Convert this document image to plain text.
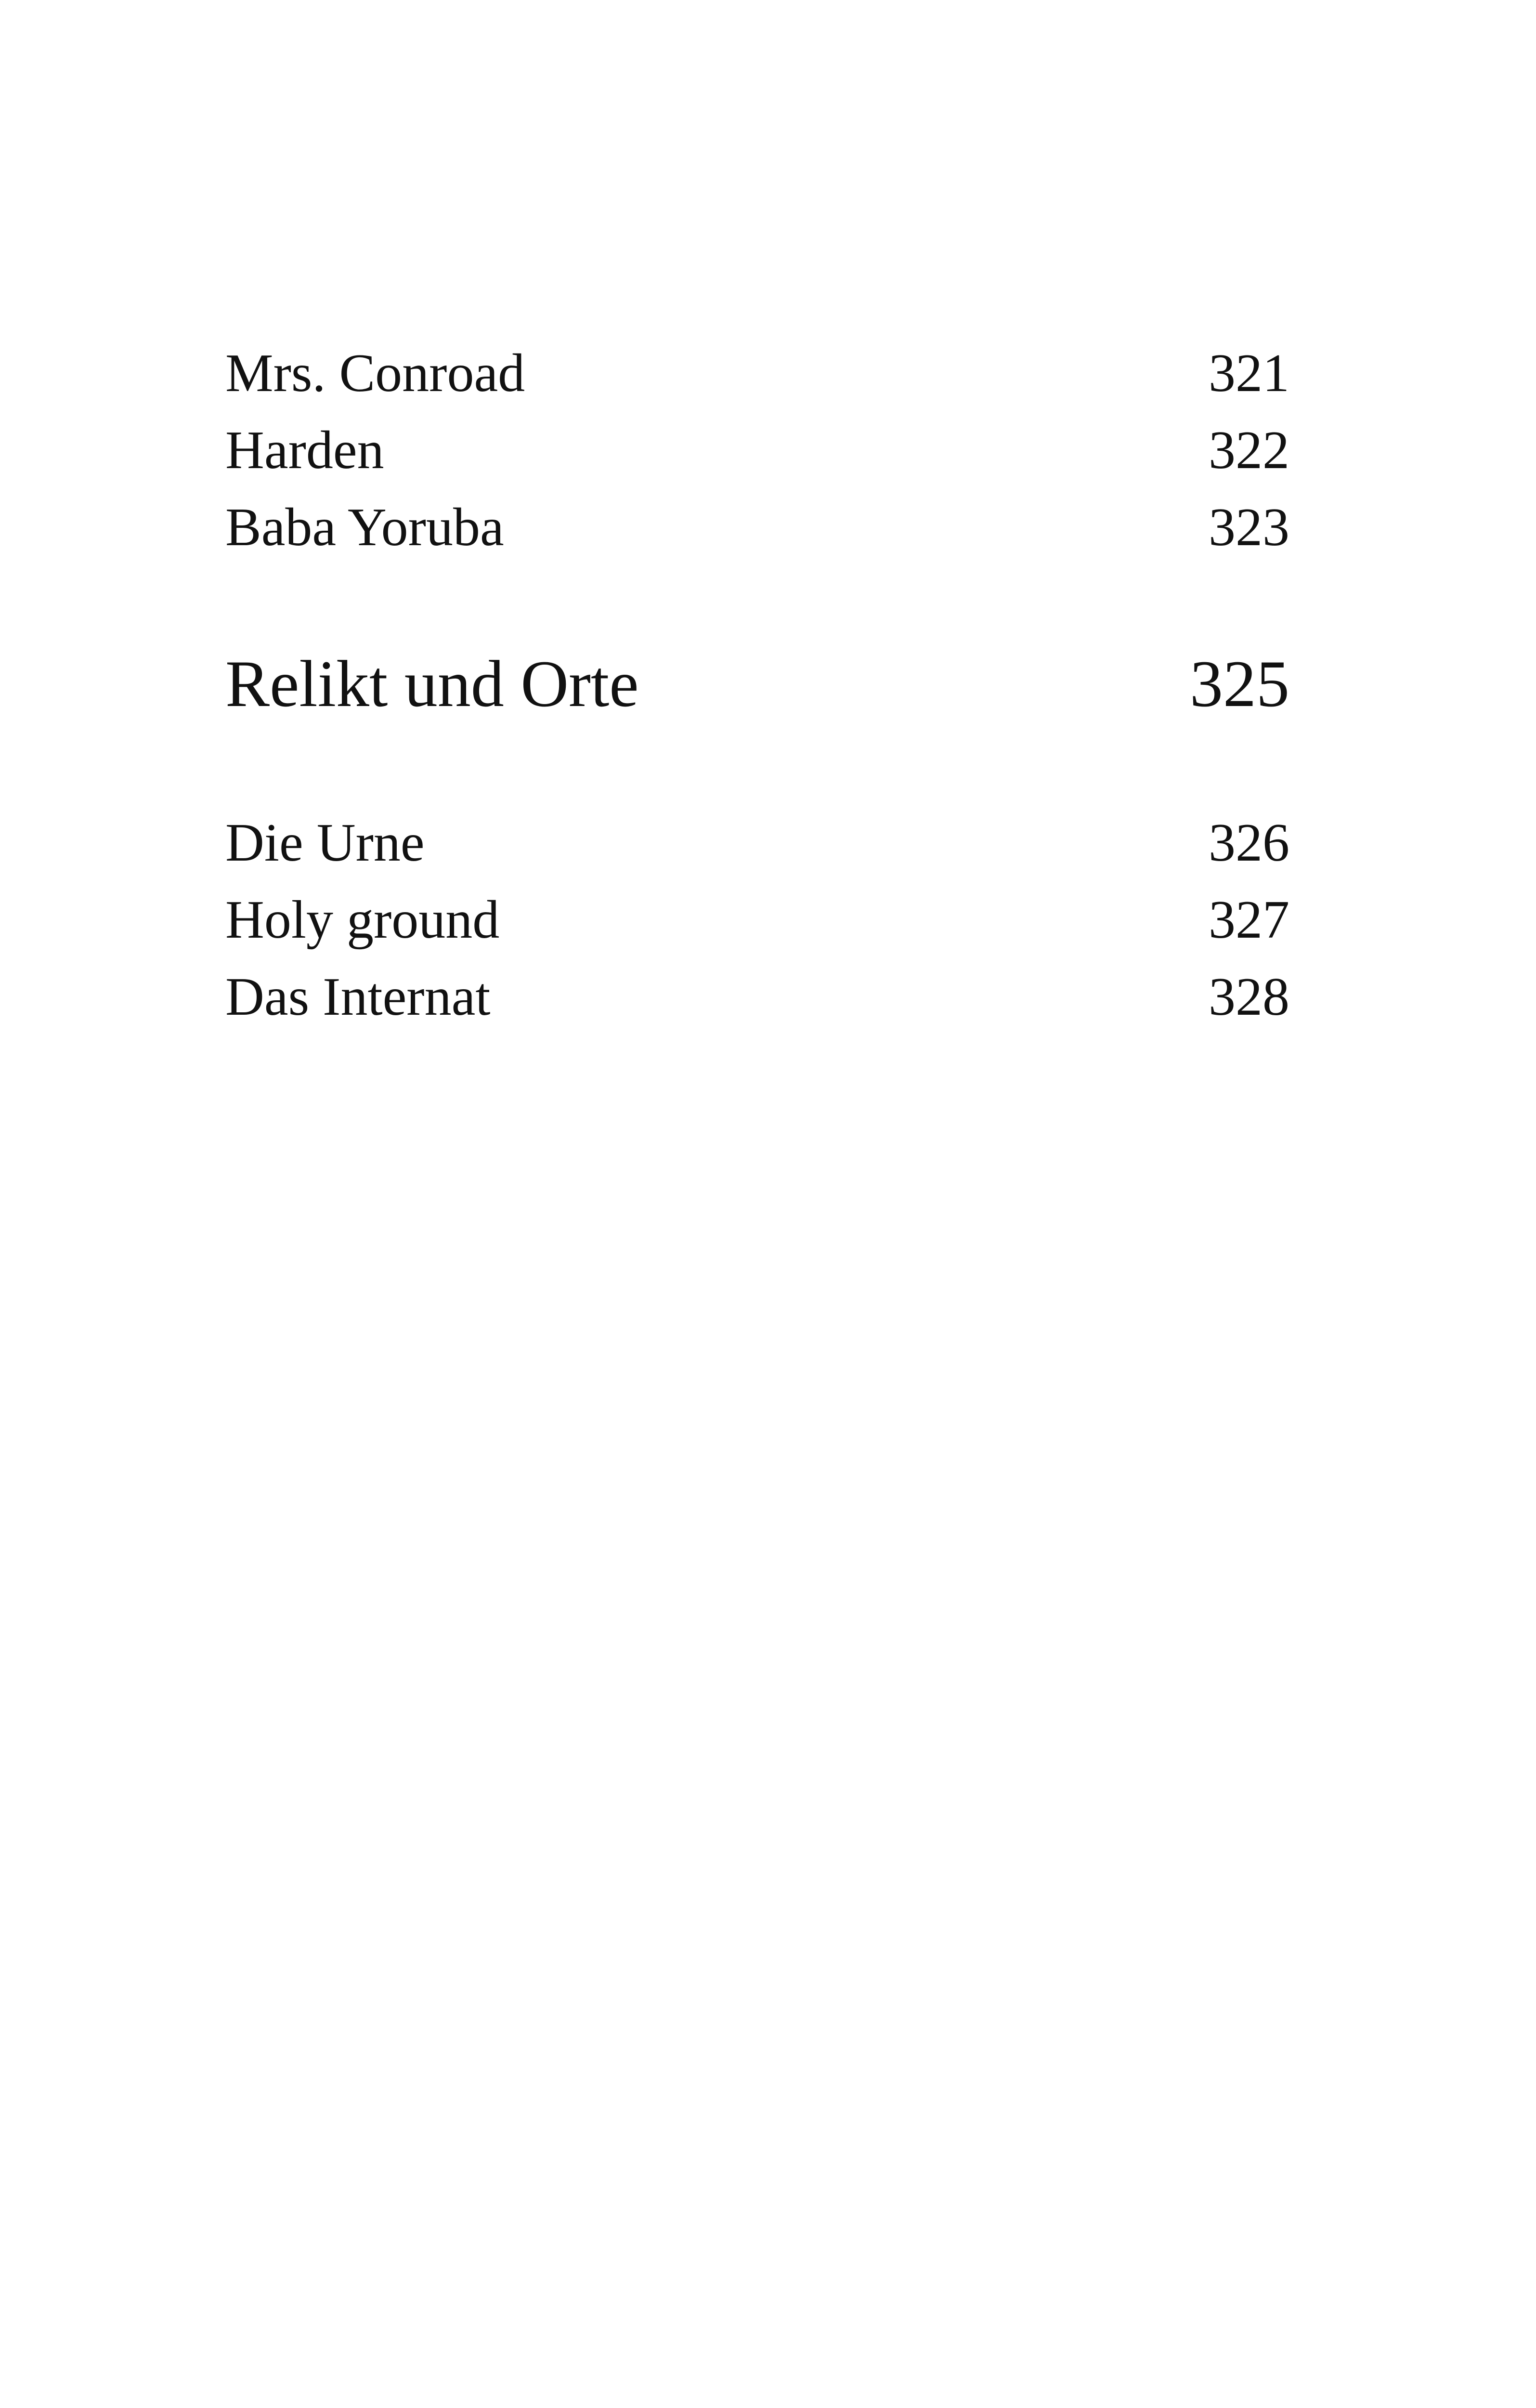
Mrs. Conroad	321
Harden	322
Baba Yoruba	323
Relikt und Orte	325
Die Urne	326
Holy ground	327
Das Internat	328
